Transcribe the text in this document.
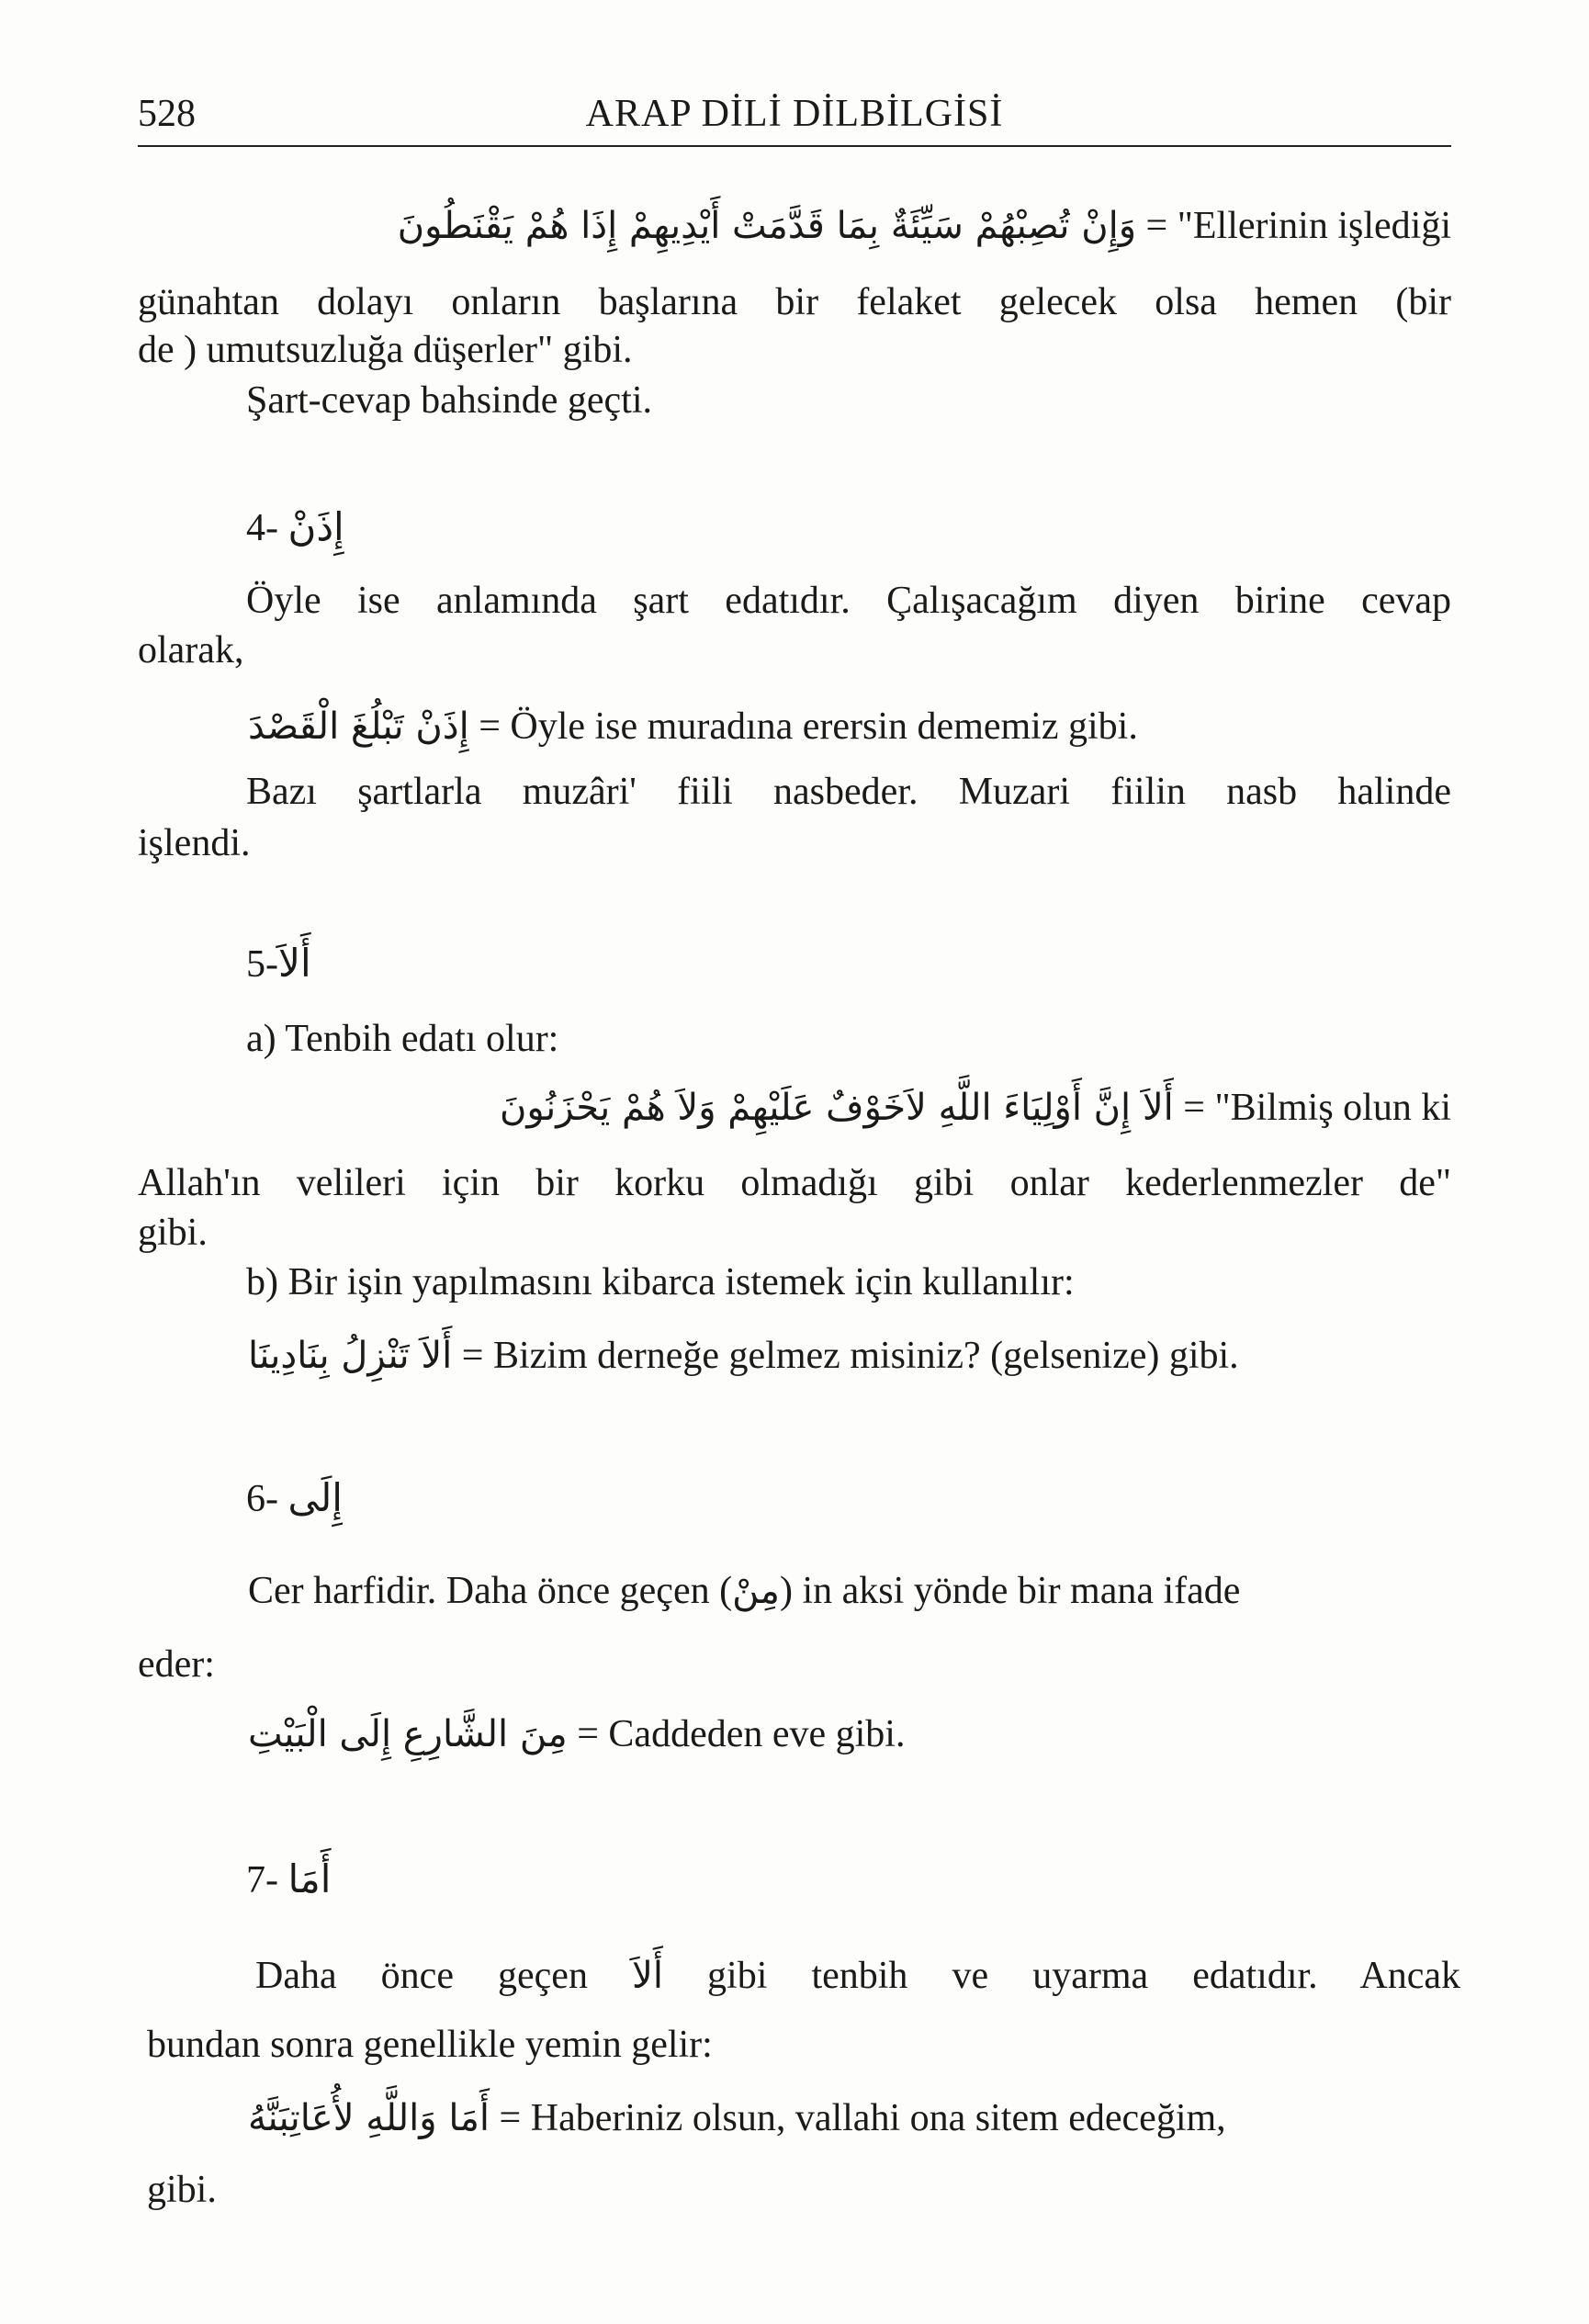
528	ARAP DİLİ DİLBİLGİSİ
وَإِنْ تُصِبْهُمْ سَيِّئَةٌ بِمَا قَدَّمَتْ أَيْدِيهِمْ إِذَا هُمْ يَقْنَطُونَ = "Ellerinin işlediği
günahtan dolayı onların başlarına bir felaket gelecek olsa hemen (bir
de ) umutsuzluğa düşerler" gibi.
Şart-cevap bahsinde geçti.
4- إِذَنْ
Öyle ise anlamında şart edatıdır. Çalışacağım diyen birine cevap
olarak,
إِذَنْ تَبْلُغَ الْقَصْدَ = Öyle ise muradına erersin dememiz gibi.
Bazı şartlarla muzâri' fiili nasbeder. Muzari fiilin nasb halinde
işlendi.
5-أَلاَ
a) Tenbih edatı olur:
أَلاَ إِنَّ أَوْلِيَاءَ اللَّهِ لاَخَوْفٌ عَلَيْهِمْ وَلاَ هُمْ يَحْزَنُونَ = "Bilmiş olun ki
Allah'ın velileri için bir korku olmadığı gibi onlar kederlenmezler de"
gibi.
b) Bir işin yapılmasını kibarca istemek için kullanılır:
أَلاَ تَنْزِلُ بِنَادِينَا = Bizim derneğe gelmez misiniz? (gelsenize) gibi.
6- إِلَى
Cer harfidir. Daha önce geçen (مِنْ) in aksi yönde bir mana ifade
eder:
مِنَ الشَّارِعِ إِلَى الْبَيْتِ = Caddeden eve gibi.
7- أَمَا
Daha önce geçen أَلاَ gibi tenbih ve uyarma edatıdır. Ancak
bundan sonra genellikle yemin gelir:
أَمَا وَاللَّهِ لأُعَاتِبَنَّهُ = Haberiniz olsun, vallahi ona sitem edeceğim,
gibi.
